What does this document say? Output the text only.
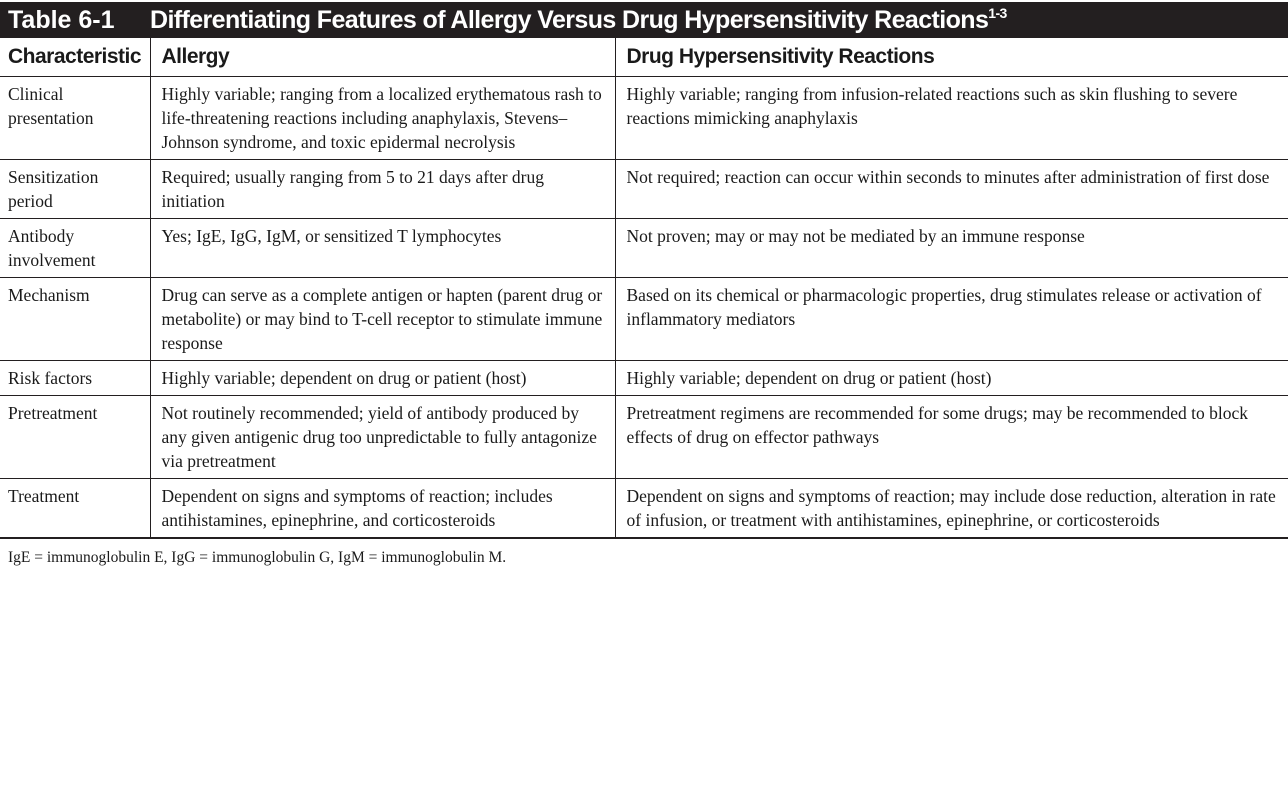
Table 6-1 Differentiating Features of Allergy Versus Drug Hypersensitivity Reactions$^{1-3}$
Characteristic	Allergy	Drug Hypersensitivity Reactions
Clinical presentation	Highly variable; ranging from a localized erythematous rash to life-threatening reactions including anaphylaxis, Stevens–Johnson syndrome, and toxic epidermal necrolysis	Highly variable; ranging from infusion-related reactions such as skin flushing to severe reactions mimicking anaphylaxis
Sensitization period	Required; usually ranging from 5 to 21 days after drug initiation	Not required; reaction can occur within seconds to minutes after administration of first dose
Antibody involvement	Yes; IgE, IgG, IgM, or sensitized T lymphocytes	Not proven; may or may not be mediated by an immune response
Mechanism	Drug can serve as a complete antigen or hapten (parent drug or metabolite) or may bind to T-cell receptor to stimulate immune response	Based on its chemical or pharmacologic properties, drug stimulates release or activation of inflammatory mediators
Risk factors	Highly variable; dependent on drug or patient (host)	Highly variable; dependent on drug or patient (host)
Pretreatment	Not routinely recommended; yield of antibody produced by any given antigenic drug too unpredictable to fully antagonize via pretreatment	Pretreatment regimens are recommended for some drugs; may be recommended to block effects of drug on effector pathways
Treatment	Dependent on signs and symptoms of reaction; includes antihistamines, epinephrine, and corticosteroids	Dependent on signs and symptoms of reaction; may include dose reduction, alteration in rate of infusion, or treatment with antihistamines, epinephrine, or corticosteroids
IgE = immunoglobulin E, IgG = immunoglobulin G, IgM = immunoglobulin M.
